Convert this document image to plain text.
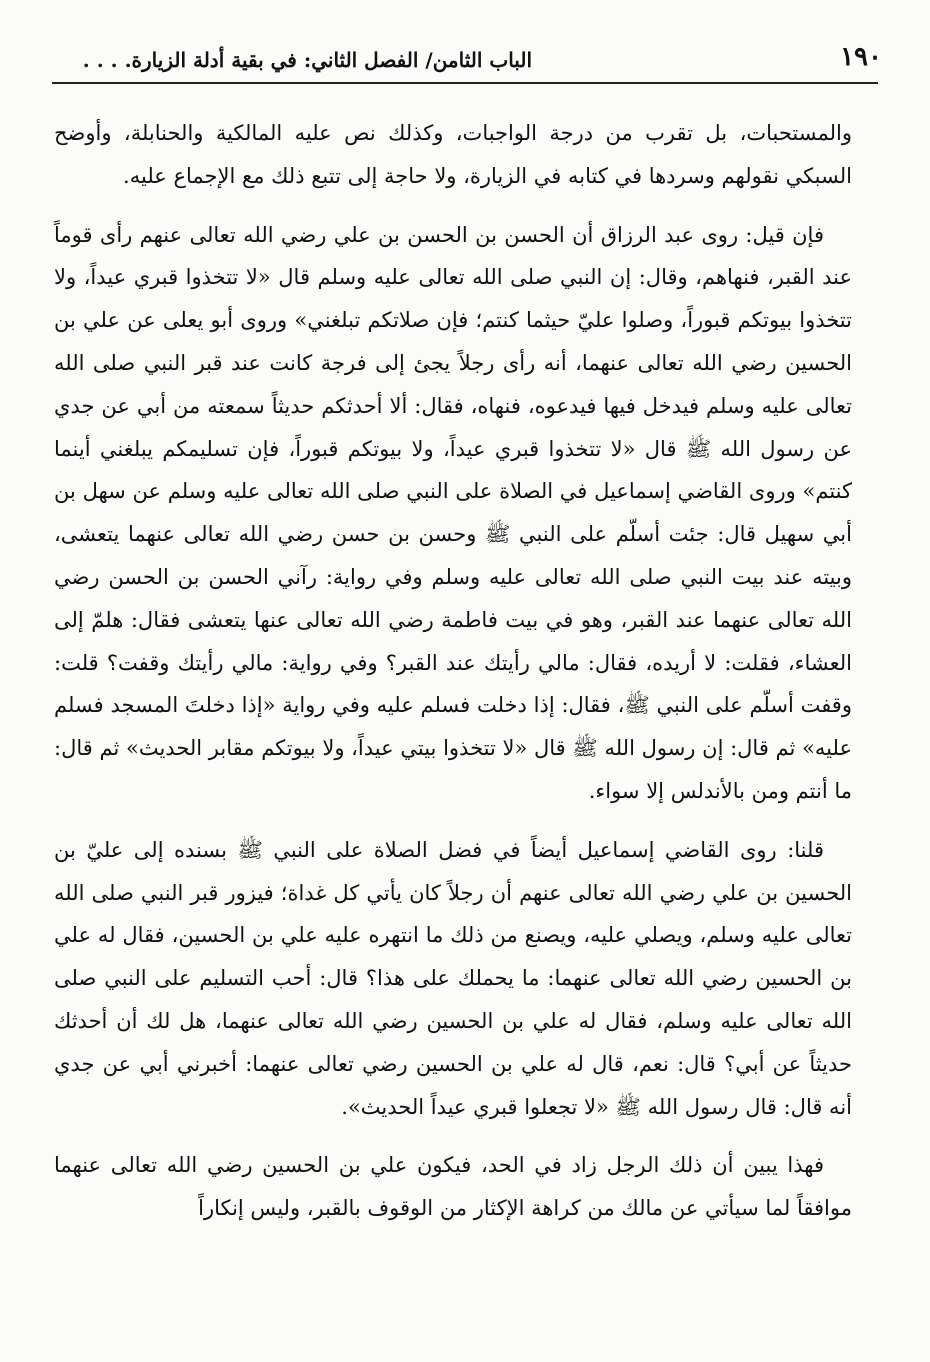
١٩٠
الباب الثامن/ الفصل الثاني: في بقية أدلة الزيارة. . . .

والمستحبات، بل تقرب من درجة الواجبات، وكذلك نص عليه المالكية والحنابلة، وأوضح السبكي نقولهم وسردها في كتابه في الزيارة، ولا حاجة إلى تتبع ذلك مع الإجماع عليه.

فإن قيل: روى عبد الرزاق أن الحسن بن الحسن بن علي رضي الله تعالى عنهم رأى قوماً عند القبر، فنهاهم، وقال: إن النبي صلى الله تعالى عليه وسلم قال «لا تتخذوا قبري عيداً، ولا تتخذوا بيوتكم قبوراً، وصلوا عليّ حيثما كنتم؛ فإن صلاتكم تبلغني» وروى أبو يعلى عن علي بن الحسين رضي الله تعالى عنهما، أنه رأى رجلاً يجئ إلى فرجة كانت عند قبر النبي صلى الله تعالى عليه وسلم فيدخل فيها فيدعوه، فنهاه، فقال: ألا أحدثكم حديثاً سمعته من أبي عن جدي عن رسول الله ﷺ قال «لا تتخذوا قبري عيداً، ولا بيوتكم قبوراً، فإن تسليمكم يبلغني أينما كنتم» وروى القاضي إسماعيل في الصلاة على النبي صلى الله تعالى عليه وسلم عن سهل بن أبي سهيل قال: جئت أسلّم على النبي ﷺ وحسن بن حسن رضي الله تعالى عنهما يتعشى، وبيته عند بيت النبي صلى الله تعالى عليه وسلم وفي رواية: رآني الحسن بن الحسن رضي الله تعالى عنهما عند القبر، وهو في بيت فاطمة رضي الله تعالى عنها يتعشى فقال: هلمّ إلى العشاء، فقلت: لا أريده، فقال: مالي رأيتك عند القبر؟ وفي رواية: مالي رأيتك وقفت؟ قلت: وقفت أسلّم على النبي ﷺ، فقال: إذا دخلت فسلم عليه وفي رواية «إذا دخلتَ المسجد فسلم عليه» ثم قال: إن رسول الله ﷺ قال «لا تتخذوا بيتي عيداً، ولا بيوتكم مقابر الحديث» ثم قال: ما أنتم ومن بالأندلس إلا سواء.

قلنا: روى القاضي إسماعيل أيضاً في فضل الصلاة على النبي ﷺ بسنده إلى عليّ بن الحسين بن علي رضي الله تعالى عنهم أن رجلاً كان يأتي كل غداة؛ فيزور قبر النبي صلى الله تعالى عليه وسلم، ويصلي عليه، ويصنع من ذلك ما انتهره عليه علي بن الحسين، فقال له علي بن الحسين رضي الله تعالى عنهما: ما يحملك على هذا؟ قال: أحب التسليم على النبي صلى الله تعالى عليه وسلم، فقال له علي بن الحسين رضي الله تعالى عنهما، هل لك أن أحدثك حديثاً عن أبي؟ قال: نعم، قال له علي بن الحسين رضي تعالى عنهما: أخبرني أبي عن جدي أنه قال: قال رسول الله ﷺ «لا تجعلوا قبري عيداً الحديث».

فهذا يبين أن ذلك الرجل زاد في الحد، فيكون علي بن الحسين رضي الله تعالى عنهما موافقاً لما سيأتي عن مالك من كراهة الإكثار من الوقوف بالقبر، وليس إنكاراً
